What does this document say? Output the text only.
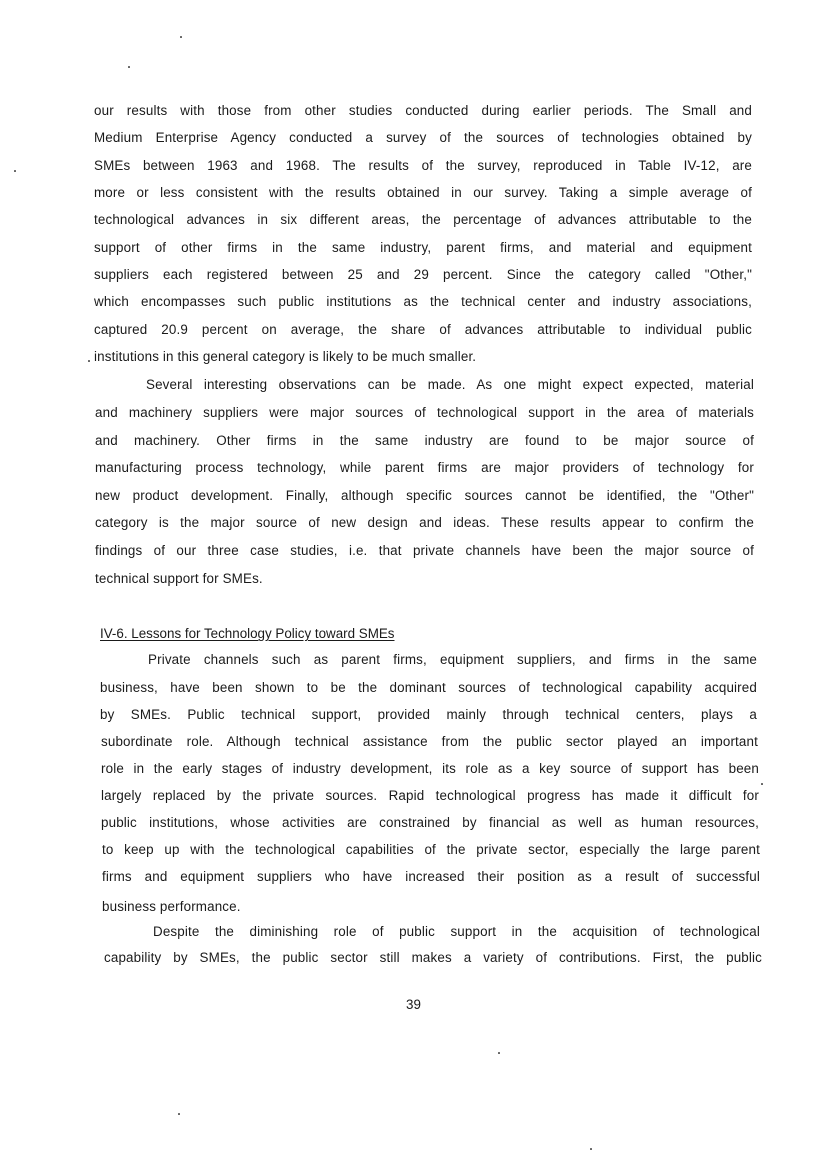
our results with those from other studies conducted during earlier periods. The Small and
Medium Enterprise Agency conducted a survey of the sources of technologies obtained by
SMEs between 1963 and 1968. The results of the survey, reproduced in Table IV-12, are
more or less consistent with the results obtained in our survey. Taking a simple average of
technological advances in six different areas, the percentage of advances attributable to the
support of other firms in the same industry, parent firms, and material and equipment
suppliers each registered between 25 and 29 percent. Since the category called "Other,"
which encompasses such public institutions as the technical center and industry associations,
captured 20.9 percent on average, the share of advances attributable to individual public
institutions in this general category is likely to be much smaller.
Several interesting observations can be made. As one might expect expected, material
and machinery suppliers were major sources of technological support in the area of materials
and machinery. Other firms in the same industry are found to be major source of
manufacturing process technology, while parent firms are major providers of technology for
new product development. Finally, although specific sources cannot be identified, the "Other"
category is the major source of new design and ideas. These results appear to confirm the
findings of our three case studies, i.e. that private channels have been the major source of
technical support for SMEs.
IV-6. Lessons for Technology Policy toward SMEs
Private channels such as parent firms, equipment suppliers, and firms in the same
business, have been shown to be the dominant sources of technological capability acquired
by SMEs. Public technical support, provided mainly through technical centers, plays a
subordinate role. Although technical assistance from the public sector played an important
role in the early stages of industry development, its role as a key source of support has been
largely replaced by the private sources. Rapid technological progress has made it difficult for
public institutions, whose activities are constrained by financial as well as human resources,
to keep up with the technological capabilities of the private sector, especially the large parent
firms and equipment suppliers who have increased their position as a result of successful
business performance.
Despite the diminishing role of public support in the acquisition of technological
capability by SMEs, the public sector still makes a variety of contributions. First, the public
39
